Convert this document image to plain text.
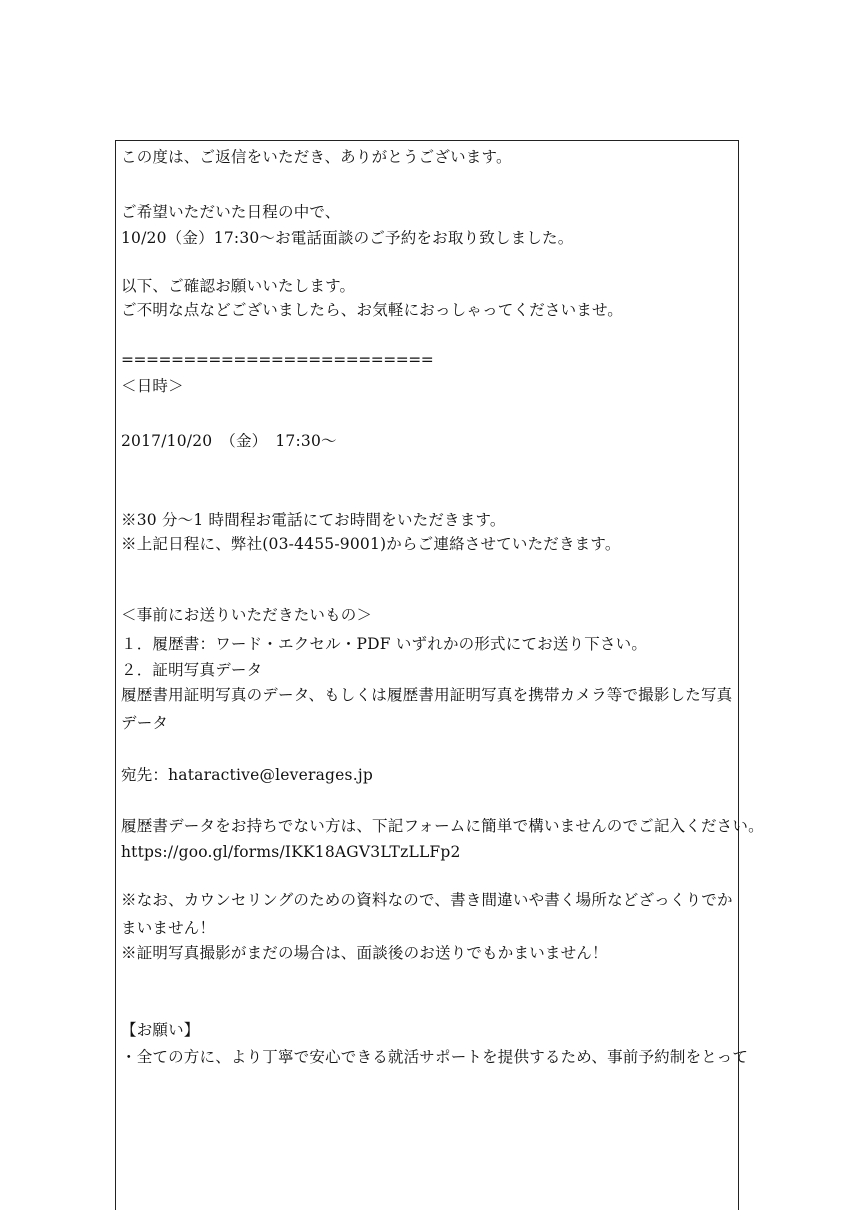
この度は、ご返信をいただき、ありがとうございます。
ご希望いただいた日程の中で、
10/20（金）17:30～お電話面談のご予約をお取り致しました。
以下、ご確認お願いいたします。
ご不明な点などございましたら、お気軽におっしゃってくださいませ。
=========================
＜日時＞
2017/10/20　（金）　17:30～
※30 分～1 時間程お電話にてお時間をいただきます。
※上記日程に、弊社(03-4455-9001)からご連絡させていただきます。
＜事前にお送りいただきたいもの＞
１．履歴書：ワード・エクセル・PDF いずれかの形式にてお送り下さい。
２．証明写真データ
履歴書用証明写真のデータ、もしくは履歴書用証明写真を携帯カメラ等で撮影した写真データ
宛先：hataractive@leverages.jp
履歴書データをお持ちでない方は、下記フォームに簡単で構いませんのでご記入ください。
https://goo.gl/forms/IKK18AGV3LTzLLFp2
※なお、カウンセリングのための資料なので、書き間違いや書く場所などざっくりでかまいません！
※証明写真撮影がまだの場合は、面談後のお送りでもかまいません！
【お願い】
・全ての方に、より丁寧で安心できる就活サポートを提供するため、事前予約制をとって
